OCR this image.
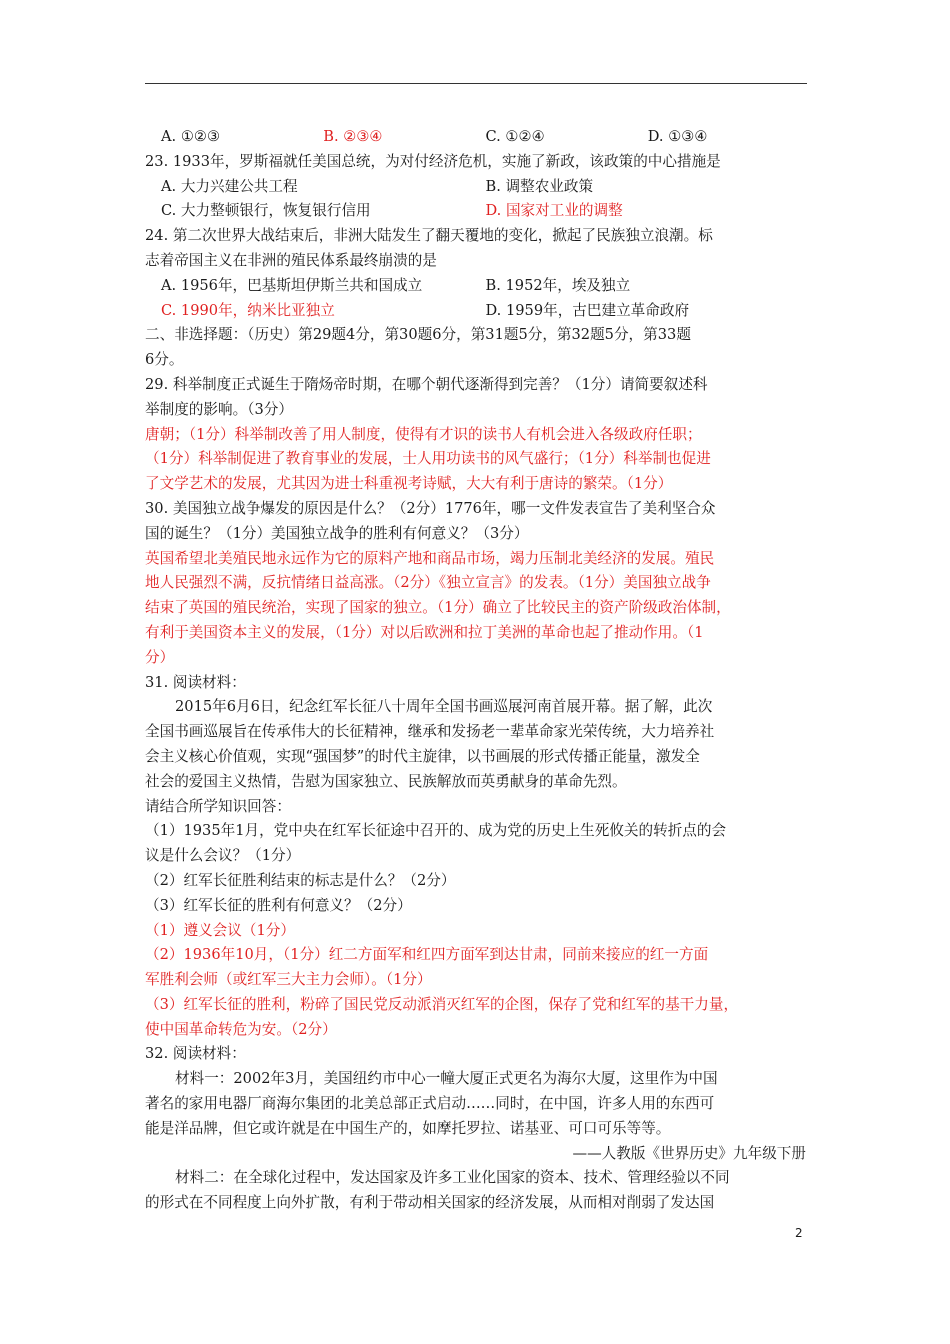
A. ①②③	B. ②③④	C. ①②④	D. ①③④
23. 1933年，罗斯福就任美国总统，为对付经济危机，实施了新政，该政策的中心措施是
A. 大力兴建公共工程	B. 调整农业政策
C. 大力整顿银行，恢复银行信用	D. 国家对工业的调整
24. 第二次世界大战结束后，非洲大陆发生了翻天覆地的变化，掀起了民族独立浪潮。标
志着帝国主义在非洲的殖民体系最终崩溃的是
A. 1956年，巴基斯坦伊斯兰共和国成立	B. 1952年，埃及独立
C. 1990年，纳米比亚独立	D. 1959年，古巴建立革命政府
二、非选择题：（历史）第29题4分，第30题6分，第31题5分，第32题5分，第33题
6分。
29. 科举制度正式诞生于隋炀帝时期，在哪个朝代逐渐得到完善？（1分）请简要叙述科
举制度的影响。（3分）
唐朝；（1分）科举制改善了用人制度，使得有才识的读书人有机会进入各级政府任职；
（1分）科举制促进了教育事业的发展，士人用功读书的风气盛行；（1分）科举制也促进
了文学艺术的发展，尤其因为进士科重视考诗赋，大大有利于唐诗的繁荣。（1分）
30. 美国独立战争爆发的原因是什么？（2分）1776年，哪一文件发表宣告了美利坚合众
国的诞生？（1分）美国独立战争的胜利有何意义？（3分）
英国希望北美殖民地永远作为它的原料产地和商品市场，竭力压制北美经济的发展。殖民
地人民强烈不满，反抗情绪日益高涨。（2分）《独立宣言》的发表。（1分）美国独立战争
结束了英国的殖民统治，实现了国家的独立。（1分）确立了比较民主的资产阶级政治体制，
有利于美国资本主义的发展，（1分）对以后欧洲和拉丁美洲的革命也起了推动作用。（1
分）
31. 阅读材料：
2015年6月6日，纪念红军长征八十周年全国书画巡展河南首展开幕。据了解，此次
全国书画巡展旨在传承伟大的长征精神，继承和发扬老一辈革命家光荣传统，大力培养社
会主义核心价值观，实现“强国梦”的时代主旋律，以书画展的形式传播正能量，激发全
社会的爱国主义热情，告慰为国家独立、民族解放而英勇献身的革命先烈。
请结合所学知识回答：
（1）1935年1月，党中央在红军长征途中召开的、成为党的历史上生死攸关的转折点的会
议是什么会议？（1分）
（2）红军长征胜利结束的标志是什么？（2分）
（3）红军长征的胜利有何意义？（2分）
（1）遵义会议（1分）
（2）1936年10月，（1分）红二方面军和红四方面军到达甘肃，同前来接应的红一方面
军胜利会师（或红军三大主力会师）。（1分）
（3）红军长征的胜利，粉碎了国民党反动派消灭红军的企图，保存了党和红军的基干力量，
使中国革命转危为安。（2分）
32. 阅读材料：
材料一：2002年3月，美国纽约市中心一幢大厦正式更名为海尔大厦，这里作为中国
著名的家用电器厂商海尔集团的北美总部正式启动……同时，在中国，许多人用的东西可
能是洋品牌，但它或许就是在中国生产的，如摩托罗拉、诺基亚、可口可乐等等。
——人教版《世界历史》九年级下册
材料二：在全球化过程中，发达国家及许多工业化国家的资本、技术、管理经验以不同
的形式在不同程度上向外扩散，有利于带动相关国家的经济发展，从而相对削弱了发达国
2
